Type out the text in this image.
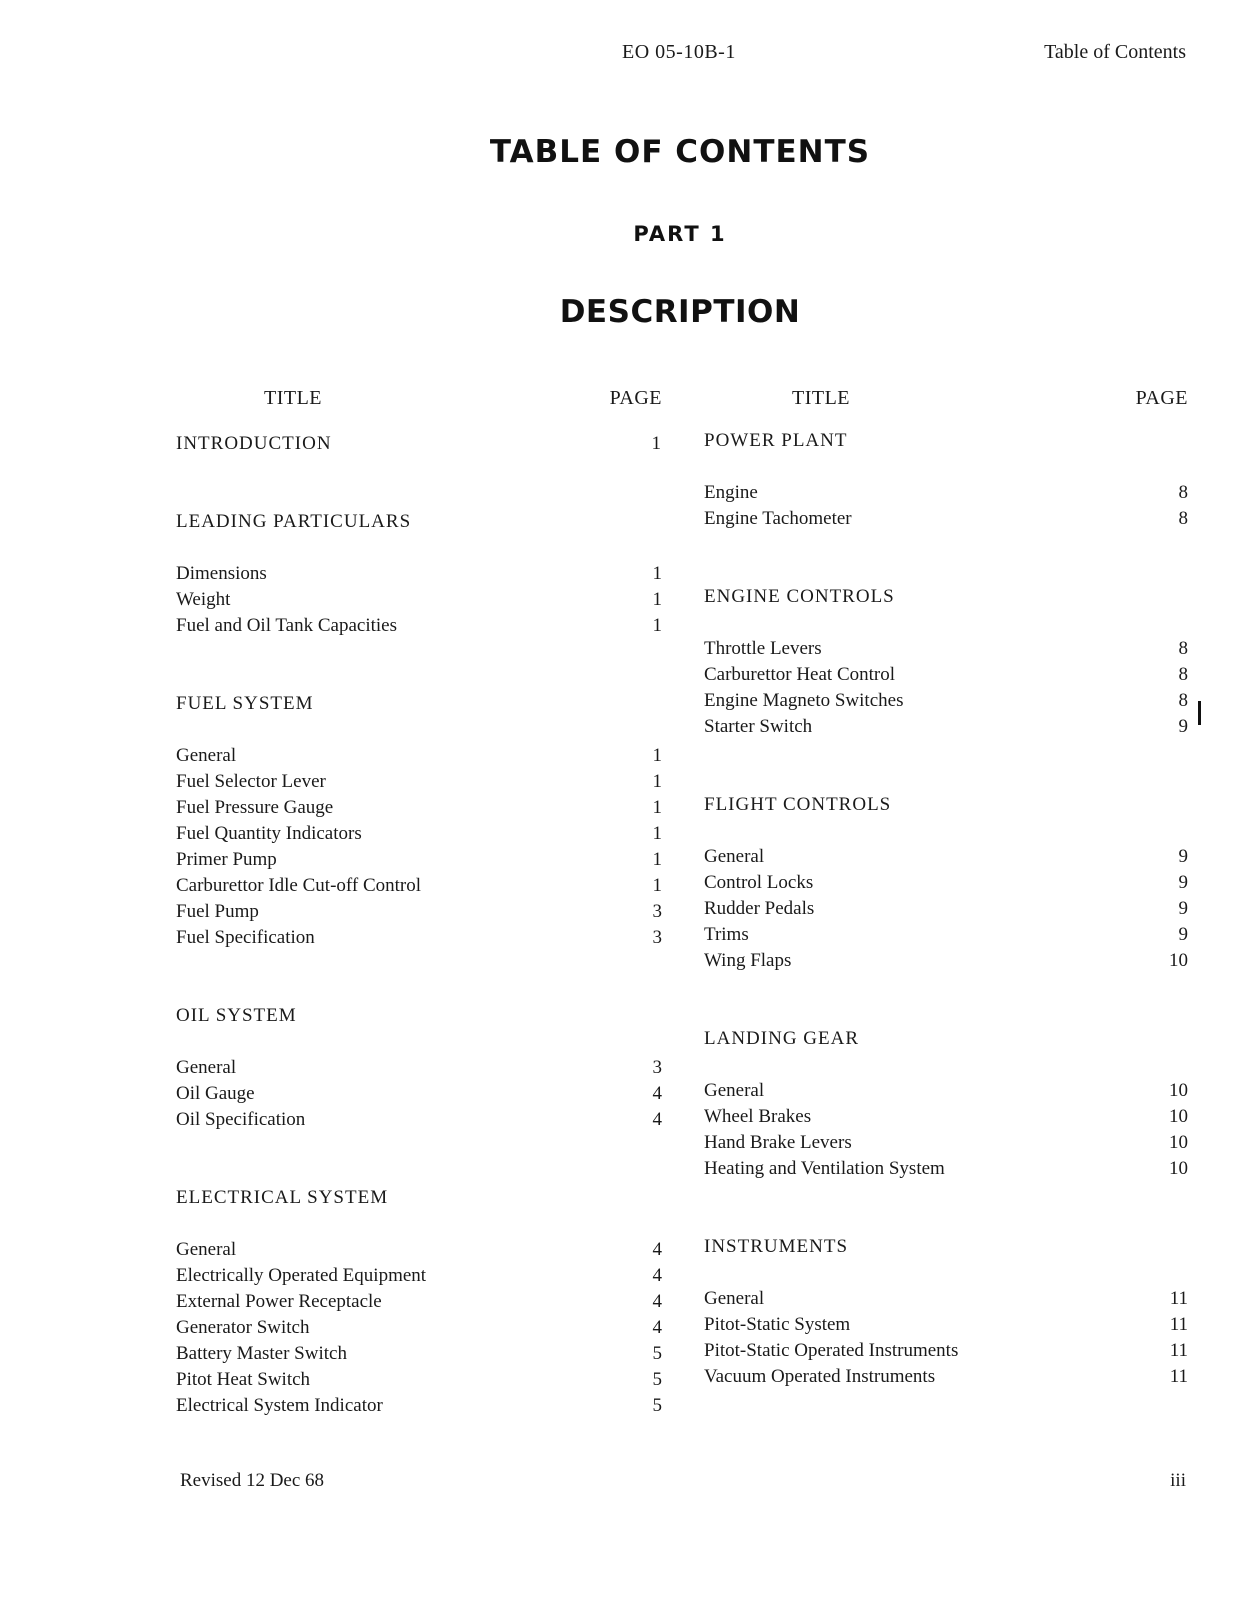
EO 05-10B-1	Table of Contents
TABLE OF CONTENTS
PART 1
DESCRIPTION
TITLE	PAGE
INTRODUCTION	1
LEADING PARTICULARS
Dimensions	1
Weight	1
Fuel and Oil Tank Capacities	1
FUEL SYSTEM
General	1
Fuel Selector Lever	1
Fuel Pressure Gauge	1
Fuel Quantity Indicators	1
Primer Pump	1
Carburettor Idle Cut-off Control	1
Fuel Pump	3
Fuel Specification	3
OIL SYSTEM
General	3
Oil Gauge	4
Oil Specification	4
ELECTRICAL SYSTEM
General	4
Electrically Operated Equipment	4
External Power Receptacle	4
Generator Switch	4
Battery Master Switch	5
Pitot Heat Switch	5
Electrical System Indicator	5
TITLE	PAGE
POWER PLANT
Engine	8
Engine Tachometer	8
ENGINE CONTROLS
Throttle Levers	8
Carburettor Heat Control	8
Engine Magneto Switches	8
Starter Switch	9
FLIGHT CONTROLS
General	9
Control Locks	9
Rudder Pedals	9
Trims	9
Wing Flaps	10
LANDING GEAR
General	10
Wheel Brakes	10
Hand Brake Levers	10
Heating and Ventilation System	10
INSTRUMENTS
General	11
Pitot-Static System	11
Pitot-Static Operated Instruments	11
Vacuum Operated Instruments	11
Revised 12 Dec 68	iii
